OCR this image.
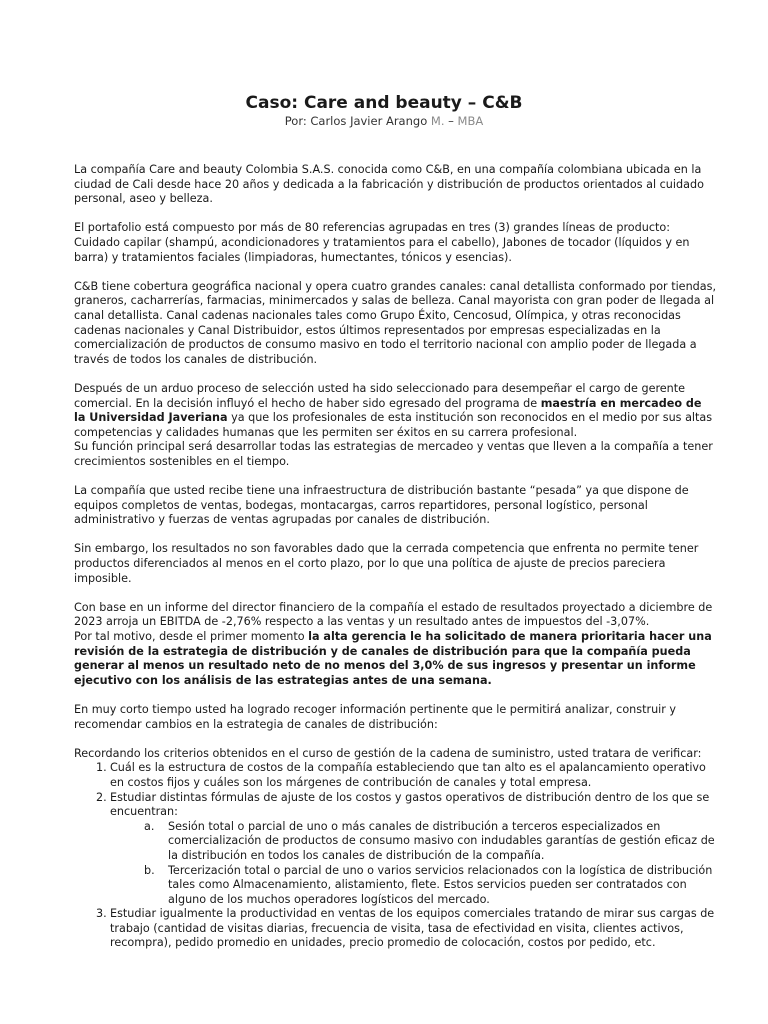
Caso: Care and beauty – C&B
Por: Carlos Javier Arango M. – MBA

La compañía Care and beauty Colombia S.A.S. conocida como C&B, en una compañía colombiana ubicada en la ciudad de Cali desde hace 20 años y dedicada a la fabricación y distribución de productos orientados al cuidado personal, aseo y belleza.

El portafolio está compuesto por más de 80 referencias agrupadas en tres (3) grandes líneas de producto: Cuidado capilar (shampú, acondicionadores y tratamientos para el cabello), Jabones de tocador (líquidos y en barra) y tratamientos faciales (limpiadoras, humectantes, tónicos y esencias).

C&B tiene cobertura geográfica nacional y opera cuatro grandes canales: canal detallista conformado por tiendas, graneros, cacharrerías, farmacias, minimercados y salas de belleza. Canal mayorista con gran poder de llegada al canal detallista. Canal cadenas nacionales tales como Grupo Éxito, Cencosud, Olímpica, y otras reconocidas cadenas nacionales y Canal Distribuidor, estos últimos representados por empresas especializadas en la comercialización de productos de consumo masivo en todo el territorio nacional con amplio poder de llegada a través de todos los canales de distribución.

Después de un arduo proceso de selección usted ha sido seleccionado para desempeñar el cargo de gerente comercial. En la decisión influyó el hecho de haber sido egresado del programa de maestría en mercadeo de la Universidad Javeriana ya que los profesionales de esta institución son reconocidos en el medio por sus altas competencias y calidades humanas que les permiten ser éxitos en su carrera profesional.

Su función principal será desarrollar todas las estrategias de mercadeo y ventas que lleven a la compañía a tener crecimientos sostenibles en el tiempo.

La compañía que usted recibe tiene una infraestructura de distribución bastante “pesada” ya que dispone de equipos completos de ventas, bodegas, montacargas, carros repartidores, personal logístico, personal administrativo y fuerzas de ventas agrupadas por canales de distribución.

Sin embargo, los resultados no son favorables dado que la cerrada competencia que enfrenta no permite tener productos diferenciados al menos en el corto plazo, por lo que una política de ajuste de precios pareciera imposible.

Con base en un informe del director financiero de la compañía el estado de resultados proyectado a diciembre de 2023 arroja un EBITDA de -2,76% respecto a las ventas y un resultado antes de impuestos del -3,07%.

Por tal motivo, desde el primer momento la alta gerencia le ha solicitado de manera prioritaria hacer una revisión de la estrategia de distribución y de canales de distribución para que la compañía pueda generar al menos un resultado neto de no menos del 3,0% de sus ingresos y presentar un informe ejecutivo con los análisis de las estrategias antes de una semana.

En muy corto tiempo usted ha logrado recoger información pertinente que le permitirá analizar, construir y recomendar cambios en la estrategia de canales de distribución:

Recordando los criterios obtenidos en el curso de gestión de la cadena de suministro, usted tratara de verificar:

1. Cuál es la estructura de costos de la compañía estableciendo que tan alto es el apalancamiento operativo en costos fijos y cuáles son los márgenes de contribución de canales y total empresa.
2. Estudiar distintas fórmulas de ajuste de los costos y gastos operativos de distribución dentro de los que se encuentran:
a. Sesión total o parcial de uno o más canales de distribución a terceros especializados en comercialización de productos de consumo masivo con indudables garantías de gestión eficaz de la distribución en todos los canales de distribución de la compañía.
b. Tercerización total o parcial de uno o varios servicios relacionados con la logística de distribución tales como Almacenamiento, alistamiento, flete. Estos servicios pueden ser contratados con alguno de los muchos operadores logísticos del mercado.
3. Estudiar igualmente la productividad en ventas de los equipos comerciales tratando de mirar sus cargas de trabajo (cantidad de visitas diarias, frecuencia de visita, tasa de efectividad en visita, clientes activos, recompra), pedido promedio en unidades, precio promedio de colocación, costos por pedido, etc.
